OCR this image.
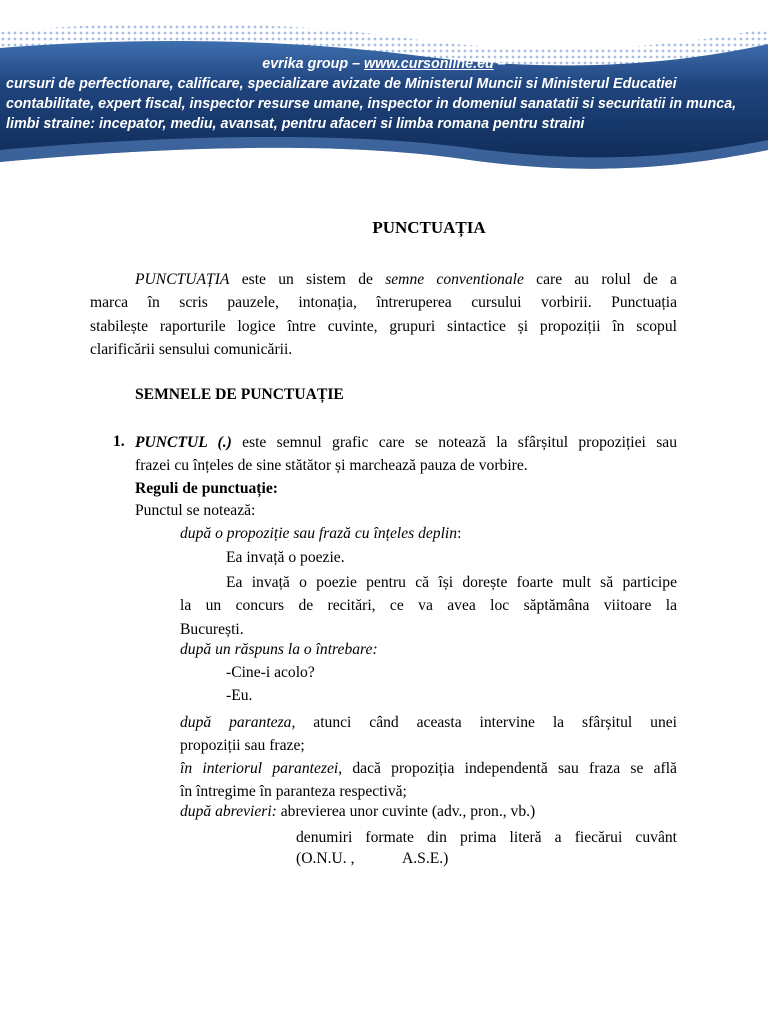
evrika group – www.cursonline.eu –
cursuri de perfectionare, calificare, specializare avizate de Ministerul Muncii si Ministerul Educatiei
contabilitate, expert fiscal, inspector resurse umane, inspector in domeniul sanatatii si securitatii in munca,
limbi straine: incepator, mediu, avansat, pentru afaceri si limba romana pentru straini
PUNCTUAȚIA
PUNCTUAȚIA este un sistem de semne conventionale care au rolul de a
marca în scris pauzele, intonația, întreruperea cursului vorbirii. Punctuația
stabilește raporturile logice între cuvinte, grupuri sintactice și propoziții în scopul
clarificării sensului comunicării.
SEMNELE DE PUNCTUAȚIE
1. PUNCTUL (.) este semnul grafic care se notează la sfârșitul propoziției sau
frazei cu înțeles de sine stătător și marchează pauza de vorbire.
Reguli de punctuație:
Punctul se notează:
după o propoziție sau frază cu înțeles deplin:
Ea invață o poezie.
Ea invață o poezie pentru că își dorește foarte mult să participe
la un concurs de recitări, ce va avea loc săptămâna viitoare la
București.
după un răspuns la o întrebare:
-Cine-i acolo?
-Eu.
după paranteza, atunci când aceasta intervine la sfârșitul unei
propoziții sau fraze;
în interiorul parantezei, dacă propoziția independentă sau fraza se află
în întregime în paranteza respectivă;
după abrevieri: abrevierea unor cuvinte (adv., pron., vb.)
denumiri formate din prima literă a fiecărui cuvânt
(O.N.U. ,	A.S.E.)
